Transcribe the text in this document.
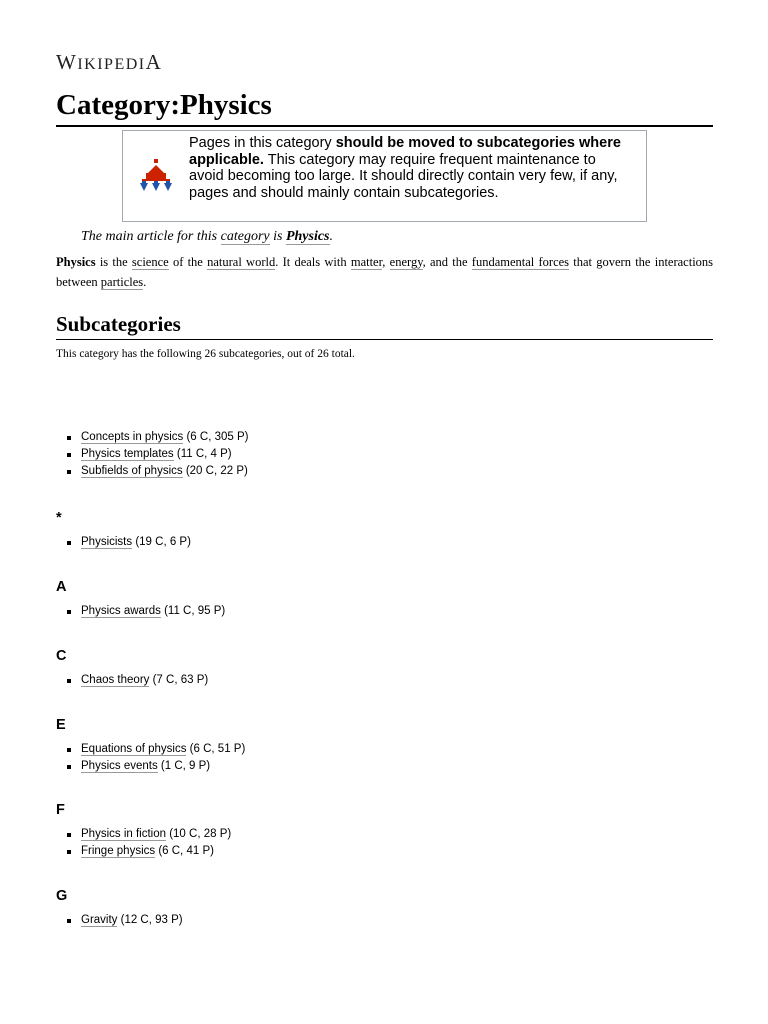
WIKIPEDIA
Category:Physics
Pages in this category should be moved to subcategories where applicable. This category may require frequent maintenance to avoid becoming too large. It should directly contain very few, if any, pages and should mainly contain subcategories.
The main article for this category is Physics.
Physics is the science of the natural world. It deals with matter, energy, and the fundamental forces that govern the interactions between particles.
Subcategories
This category has the following 26 subcategories, out of 26 total.
Concepts in physics (6 C, 305 P)
Physics templates (11 C, 4 P)
Subfields of physics (20 C, 22 P)
*
Physicists (19 C, 6 P)
A
Physics awards (11 C, 95 P)
C
Chaos theory (7 C, 63 P)
E
Equations of physics (6 C, 51 P)
Physics events (1 C, 9 P)
F
Physics in fiction (10 C, 28 P)
Fringe physics (6 C, 41 P)
G
Gravity (12 C, 93 P)
